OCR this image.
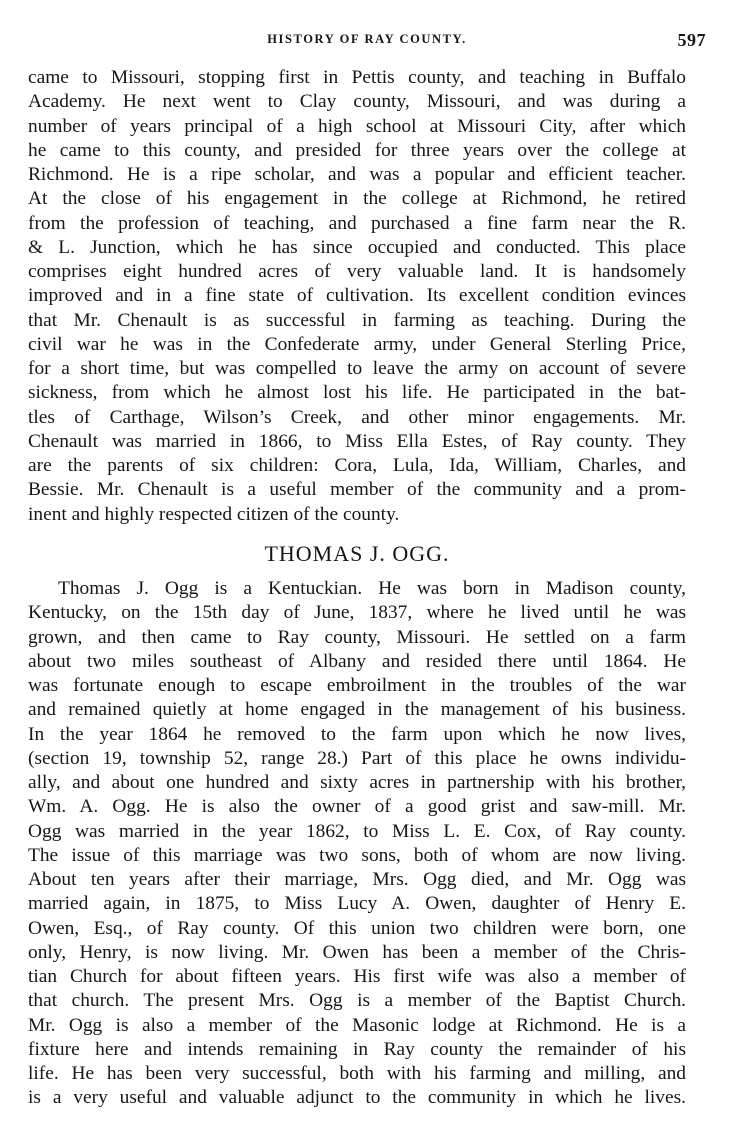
HISTORY OF RAY COUNTY.	597
came to Missouri, stopping first in Pettis county, and teaching in Buffalo
Academy. He next went to Clay county, Missouri, and was during a
number of years principal of a high school at Missouri City, after which
he came to this county, and presided for three years over the college at
Richmond. He is a ripe scholar, and was a popular and efficient teacher.
At the close of his engagement in the college at Richmond, he retired
from the profession of teaching, and purchased a fine farm near the R.
& L. Junction, which he has since occupied and conducted. This place
comprises eight hundred acres of very valuable land. It is handsomely
improved and in a fine state of cultivation. Its excellent condition evinces
that Mr. Chenault is as successful in farming as teaching. During the
civil war he was in the Confederate army, under General Sterling Price,
for a short time, but was compelled to leave the army on account of severe
sickness, from which he almost lost his life. He participated in the bat-
tles of Carthage, Wilson’s Creek, and other minor engagements. Mr.
Chenault was married in 1866, to Miss Ella Estes, of Ray county. They
are the parents of six children: Cora, Lula, Ida, William, Charles, and
Bessie. Mr. Chenault is a useful member of the community and a prom-
inent and highly respected citizen of the county.
THOMAS J. OGG.
Thomas J. Ogg is a Kentuckian. He was born in Madison county,
Kentucky, on the 15th day of June, 1837, where he lived until he was
grown, and then came to Ray county, Missouri. He settled on a farm
about two miles southeast of Albany and resided there until 1864. He
was fortunate enough to escape embroilment in the troubles of the war
and remained quietly at home engaged in the management of his business.
In the year 1864 he removed to the farm upon which he now lives,
(section 19, township 52, range 28.) Part of this place he owns individu-
ally, and about one hundred and sixty acres in partnership with his brother,
Wm. A. Ogg. He is also the owner of a good grist and saw-mill. Mr.
Ogg was married in the year 1862, to Miss L. E. Cox, of Ray county.
The issue of this marriage was two sons, both of whom are now living.
About ten years after their marriage, Mrs. Ogg died, and Mr. Ogg was
married again, in 1875, to Miss Lucy A. Owen, daughter of Henry E.
Owen, Esq., of Ray county. Of this union two children were born, one
only, Henry, is now living. Mr. Owen has been a member of the Chris-
tian Church for about fifteen years. His first wife was also a member of
that church. The present Mrs. Ogg is a member of the Baptist Church.
Mr. Ogg is also a member of the Masonic lodge at Richmond. He is a
fixture here and intends remaining in Ray county the remainder of his
life. He has been very successful, both with his farming and milling, and
is a very useful and valuable adjunct to the community in which he lives.
